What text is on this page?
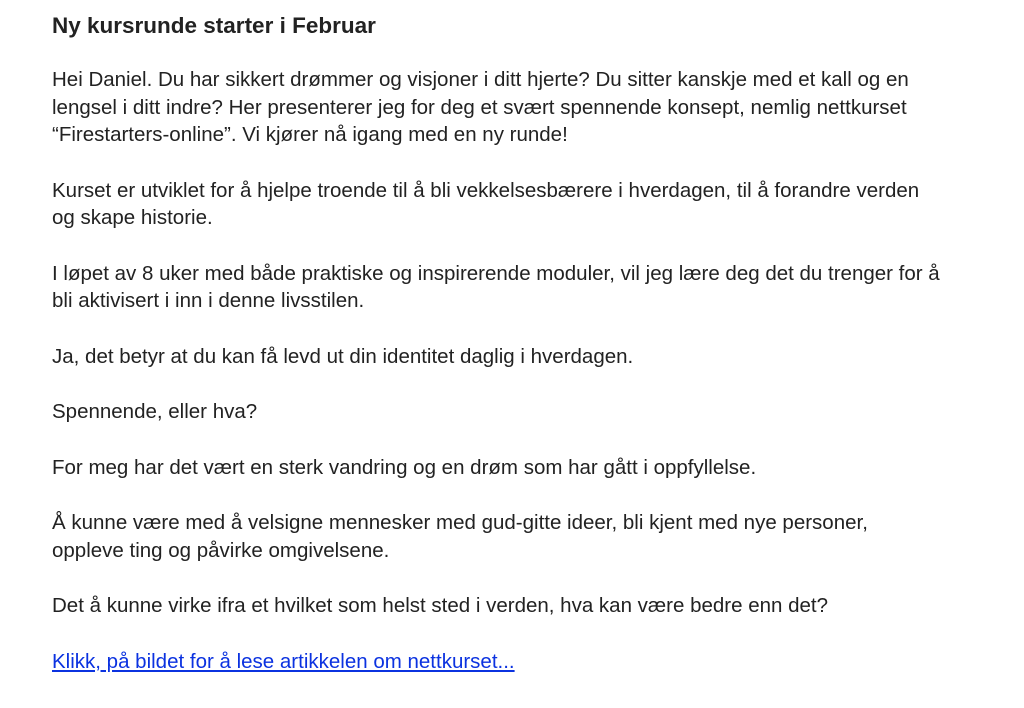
Ny kursrunde starter i Februar

Hei Daniel. Du har sikkert drømmer og visjoner i ditt hjerte? Du sitter kanskje med et kall og en lengsel i ditt indre? Her presenterer jeg for deg et svært spennende konsept, nemlig nettkurset “Firestarters-online”. Vi kjører nå igang med en ny runde!

Kurset er utviklet for å hjelpe troende til å bli vekkelsesbærere i hverdagen, til å forandre verden og skape historie.

I løpet av 8 uker med både praktiske og inspirerende moduler, vil jeg lære deg det du trenger for å bli aktivisert i inn i denne livsstilen.

Ja, det betyr at du kan få levd ut din identitet daglig i hverdagen.

Spennende, eller hva?

For meg har det vært en sterk vandring og en drøm som har gått i oppfyllelse.

Å kunne være med å velsigne mennesker med gud-gitte ideer, bli kjent med nye personer, oppleve ting og påvirke omgivelsene.

Det å kunne virke ifra et hvilket som helst sted i verden, hva kan være bedre enn det?

Klikk, på bildet for å lese artikkelen om nettkurset...
